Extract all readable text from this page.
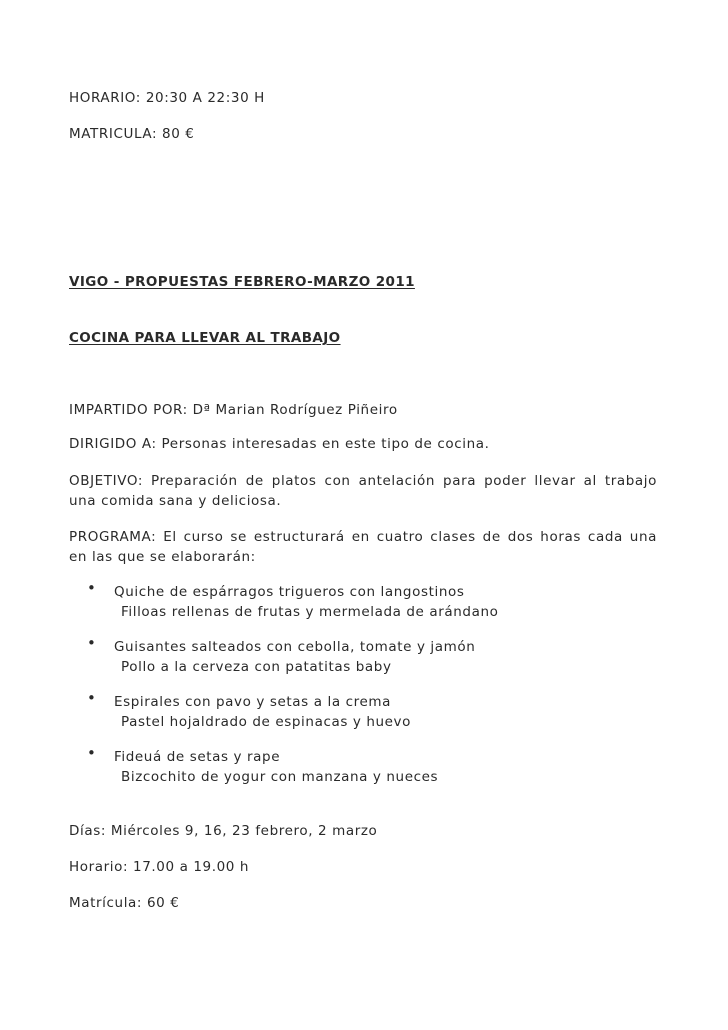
HORARIO: 20:30 A 22:30 H
MATRICULA: 80 €
VIGO - PROPUESTAS FEBRERO-MARZO 2011
COCINA PARA LLEVAR AL TRABAJO
IMPARTIDO POR: Dª Marian Rodríguez Piñeiro
DIRIGIDO A: Personas interesadas en este tipo de cocina.
OBJETIVO: Preparación de platos con antelación para poder llevar al trabajo
una comida sana y deliciosa.
PROGRAMA: El curso se estructurará en cuatro clases de dos horas cada una
en las que se elaborarán:
• Quiche de espárragos trigueros con langostinos
Filloas rellenas de frutas y mermelada de arándano
• Guisantes salteados con cebolla, tomate y jamón
Pollo a la cerveza con patatitas baby
• Espirales con pavo y setas a la crema
Pastel hojaldrado de espinacas y huevo
• Fideuá de setas y rape
Bizcochito de yogur con manzana y nueces
Días: Miércoles 9, 16, 23 febrero, 2 marzo
Horario: 17.00 a 19.00 h
Matrícula: 60 €
